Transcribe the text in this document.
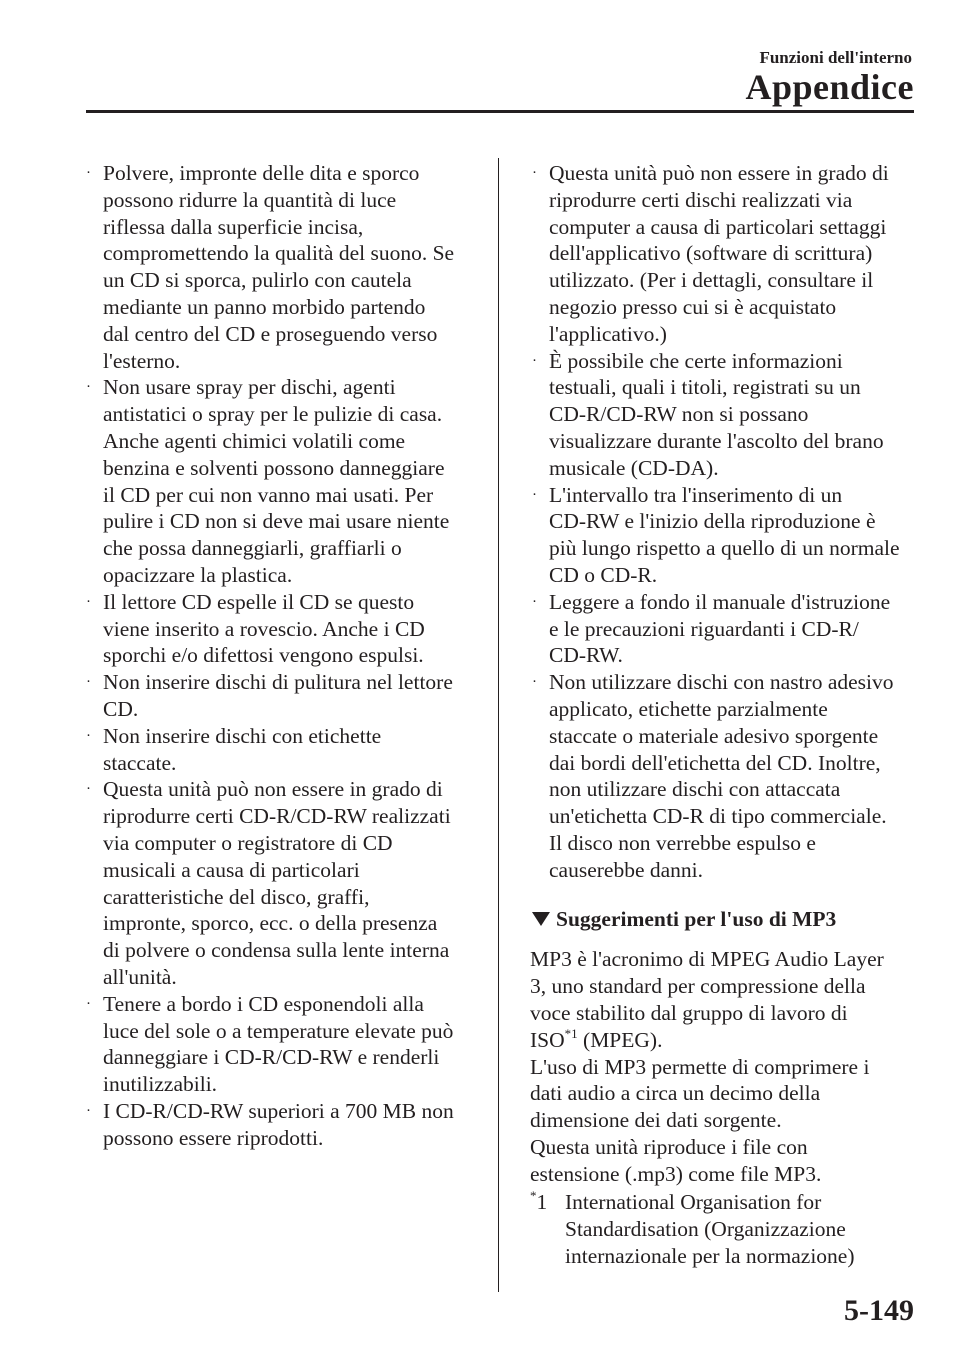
Funzioni dell'interno

Appendice

· Polvere, impronte delle dita e sporco
possono ridurre la quantità di luce
riflessa dalla superficie incisa,
compromettendo la qualità del suono. Se
un CD si sporca, pulirlo con cautela
mediante un panno morbido partendo
dal centro del CD e proseguendo verso
l'esterno.
· Non usare spray per dischi, agenti
antistatici o spray per le pulizie di casa.
Anche agenti chimici volatili come
benzina e solventi possono danneggiare
il CD per cui non vanno mai usati. Per
pulire i CD non si deve mai usare niente
che possa danneggiarli, graffiarli o
opacizzare la plastica.
· Il lettore CD espelle il CD se questo
viene inserito a rovescio. Anche i CD
sporchi e/o difettosi vengono espulsi.
· Non inserire dischi di pulitura nel lettore
CD.
· Non inserire dischi con etichette
staccate.
· Questa unità può non essere in grado di
riprodurre certi CD-R/CD-RW realizzati
via computer o registratore di CD
musicali a causa di particolari
caratteristiche del disco, graffi,
impronte, sporco, ecc. o della presenza
di polvere o condensa sulla lente interna
all'unità.
· Tenere a bordo i CD esponendoli alla
luce del sole o a temperature elevate può
danneggiare i CD-R/CD-RW e renderli
inutilizzabili.
· I CD-R/CD-RW superiori a 700 MB non
possono essere riprodotti.
· Questa unità può non essere in grado di
riprodurre certi dischi realizzati via
computer a causa di particolari settaggi
dell'applicativo (software di scrittura)
utilizzato. (Per i dettagli, consultare il
negozio presso cui si è acquistato
l'applicativo.)
· È possibile che certe informazioni
testuali, quali i titoli, registrati su un
CD-R/CD-RW non si possano
visualizzare durante l'ascolto del brano
musicale (CD-DA).
· L'intervallo tra l'inserimento di un
CD-RW e l'inizio della riproduzione è
più lungo rispetto a quello di un normale
CD o CD-R.
· Leggere a fondo il manuale d'istruzione
e le precauzioni riguardanti i CD-R/
CD-RW.
· Non utilizzare dischi con nastro adesivo
applicato, etichette parzialmente
staccate o materiale adesivo sporgente
dai bordi dell'etichetta del CD. Inoltre,
non utilizzare dischi con attaccata
un'etichetta CD-R di tipo commerciale.
Il disco non verrebbe espulso e
causerebbe danni.
Suggerimenti per l'uso di MP3

MP3 è l'acronimo di MPEG Audio Layer
3, uno standard per compressione della
voce stabilito dal gruppo di lavoro di
ISO$^{*1}$ (MPEG).

L'uso di MP3 permette di comprimere i
dati audio a circa un decimo della
dimensione dei dati sorgente.
Questa unità riproduce i file con
estensione (.mp3) come file MP3.

*1 International Organisation for
Standardisation (Organizzazione
internazionale per la normazione)

5-149
